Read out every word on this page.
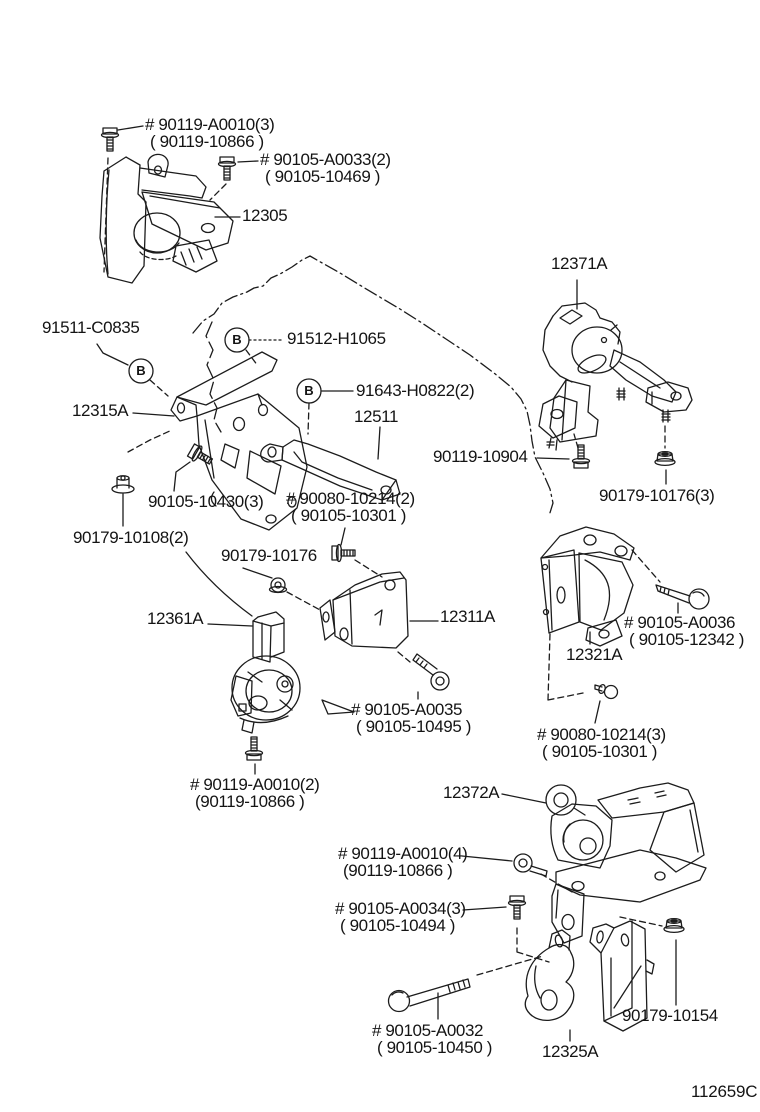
B
B
B
# 90119-A0010(3)
( 90119-10866 )
# 90105-A0033(2)
( 90105-10469 )
12305
12371A
91511-C0835
91512-H1065
12315A
91643-H0822(2)
12511
90119-10904
90179-10176(3)
90105-10430(3) # 90080-10214(2)
( 90105-10301 )
90179-10108(2)
90179-10176
12361A	12311A	# 90105-A0036
( 90105-12342 )
12321A
# 90105-A0035
( 90105-10495 )	# 90080-10214(3)
( 90105-10301 )
# 90119-A0010(2)
(90119-10866 )	12372A
# 90119-A0010(4)
(90119-10866 )
# 90105-A0034(3)
( 90105-10494 )
# 90105-A0032
( 90105-10450 )
90179-10154
12325A
112659C
